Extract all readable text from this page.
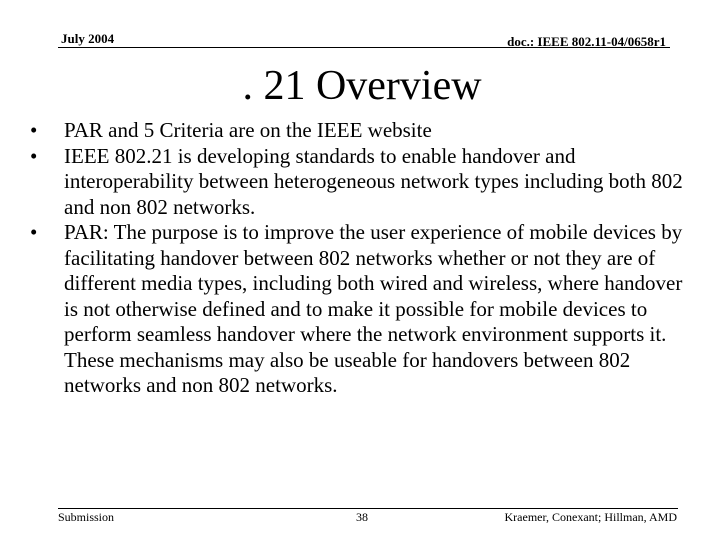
July 2004	doc.: IEEE 802.11-04/0658r1
. 21 Overview
•	PAR and 5 Criteria are on the IEEE website
•	IEEE 802.21 is developing standards to enable handover and interoperability between heterogeneous network types including both 802 and non 802 networks.
•	PAR: The purpose is to improve the user experience of mobile devices by facilitating handover between 802 networks whether or not they are of different media types, including both wired and wireless, where handover is not otherwise defined and to make it possible for mobile devices to perform seamless handover where the network environment supports it. These mechanisms may also be useable for handovers between 802 networks and non 802 networks.
Submission	38	Kraemer, Conexant; Hillman, AMD
